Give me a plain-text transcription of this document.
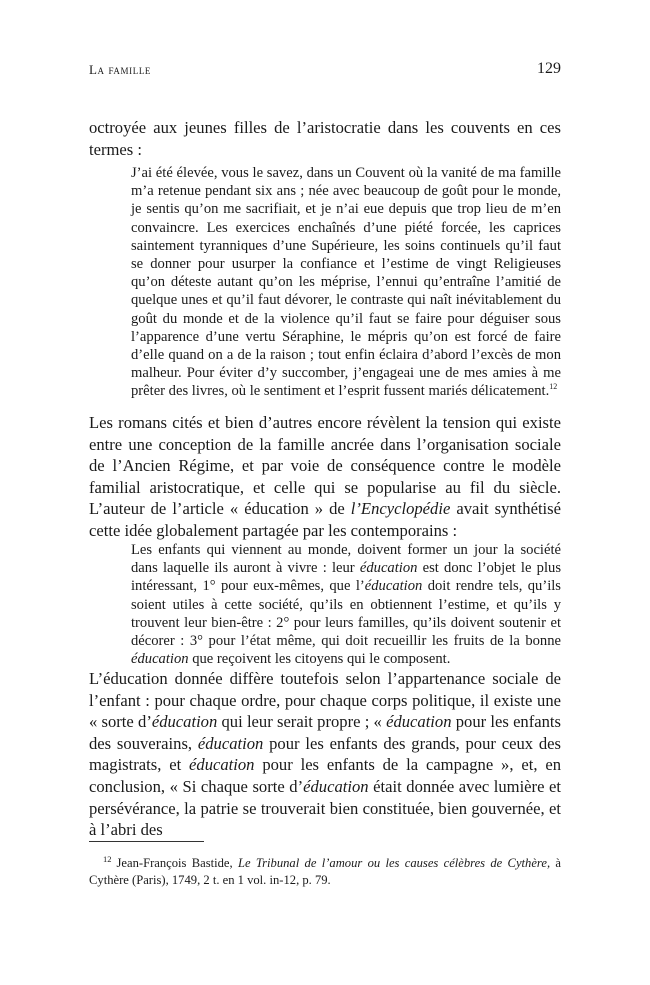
La famille	129

octroyée aux jeunes filles de l’aristocratie dans les couvents en ces termes :

J’ai été élevée, vous le savez, dans un Couvent où la vanité de ma famille m’a retenue pendant six ans ; née avec beaucoup de goût pour le monde, je sentis qu’on me sacrifiait, et je n’ai eue depuis que trop lieu de m’en convaincre. Les exercices enchaînés d’une piété forcée, les caprices saintement tyranniques d’une Supérieure, les soins continuels qu’il faut se donner pour usurper la confiance et l’estime de vingt Religieuses qu’on déteste autant qu’on les méprise, l’ennui qu’entraîne l’amitié de quelque unes et qu’il faut dévorer, le contraste qui naît inévitablement du goût du monde et de la violence qu’il faut se faire pour déguiser sous l’apparence d’une vertu Séraphine, le mépris qu’on est forcé de faire d’elle quand on a de la raison ; tout enfin éclaira d’abord l’excès de mon malheur. Pour éviter d’y succomber, j’engageai une de mes amies à me prêter des livres, où le sentiment et l’esprit fussent mariés délicatement.$^{12}$

Les romans cités et bien d’autres encore révèlent la tension qui existe entre une conception de la famille ancrée dans l’organisation sociale de l’Ancien Régime, et par voie de conséquence contre le modèle familial aristocratique, et celle qui se popularise au fil du siècle. L’auteur de l’article « éducation » de l’Encyclopédie avait synthétisé cette idée globalement partagée par les contemporains :

Les enfants qui viennent au monde, doivent former un jour la société dans laquelle ils auront à vivre : leur éducation est donc l’objet le plus intéressant, 1° pour eux-mêmes, que l’éducation doit rendre tels, qu’ils soient utiles à cette société, qu’ils en obtiennent l’estime, et qu’ils y trouvent leur bien-être : 2° pour leurs familles, qu’ils doivent soutenir et décorer : 3° pour l’état même, qui doit recueillir les fruits de la bonne éducation que reçoivent les citoyens qui le composent.

L’éducation donnée diffère toutefois selon l’appartenance sociale de l’enfant : pour chaque ordre, pour chaque corps politique, il existe une « sorte d’éducation qui leur serait propre ; « éducation pour les enfants des souverains, éducation pour les enfants des grands, pour ceux des magistrats, et éducation pour les enfants de la campagne », et, en conclusion, « Si chaque sorte d’éducation était donnée avec lumière et persévérance, la patrie se trouverait bien constituée, bien gouvernée, et à l’abri des

$^{12}$ Jean-François Bastide, Le Tribunal de l’amour ou les causes célèbres de Cythère, à Cythère (Paris), 1749, 2 t. en 1 vol. in-12, p. 79.
